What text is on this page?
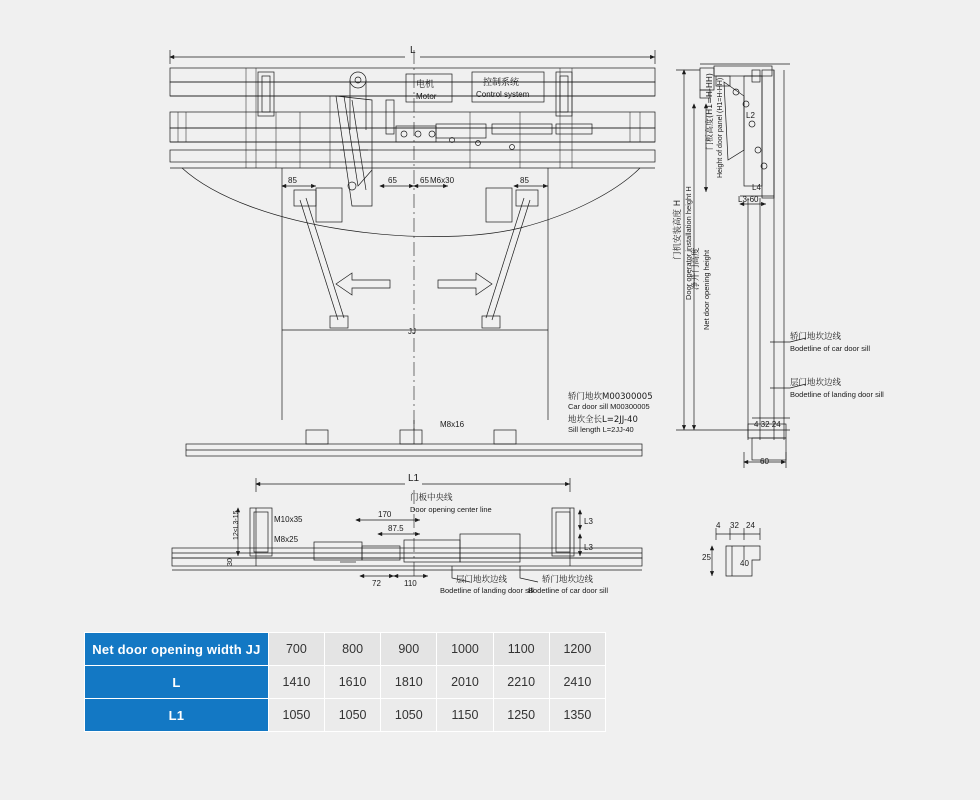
L
电机
Motor
控制系统
Control system
85	65	65 M6x30	85
JJ
M8x16
轿门地坎M00300005
Car door sill M00300005
地坎全长L=2JJ-40
Sill length L=2JJ-40
门机安装高度 H Door operator installation height H
净开门高度 Net door opening height
门板高度(H1=H-HH) Height of door panel (H1=H-HH)	L2
L4
L3-60
4 32 24
60
轿门地坎边线
Bodetline of car door sill
层门地坎边线
Bodetline of landing door sill
L1
门板中央线
Door opening center line
M10x35
M8x25
170
87.5
72	110
30
12≤L3-15	L3
L3
层门地坎边线
Bodetline of landing door sill
轿门地坎边线
Bodetline of car door sill
4 32 24
25
40
Net door opening width JJ	700	800	900	1000	1100	1200
L	1410	1610	1810	2010	2210	2410
L1	1050	1050	1050	1150	1250	1350
